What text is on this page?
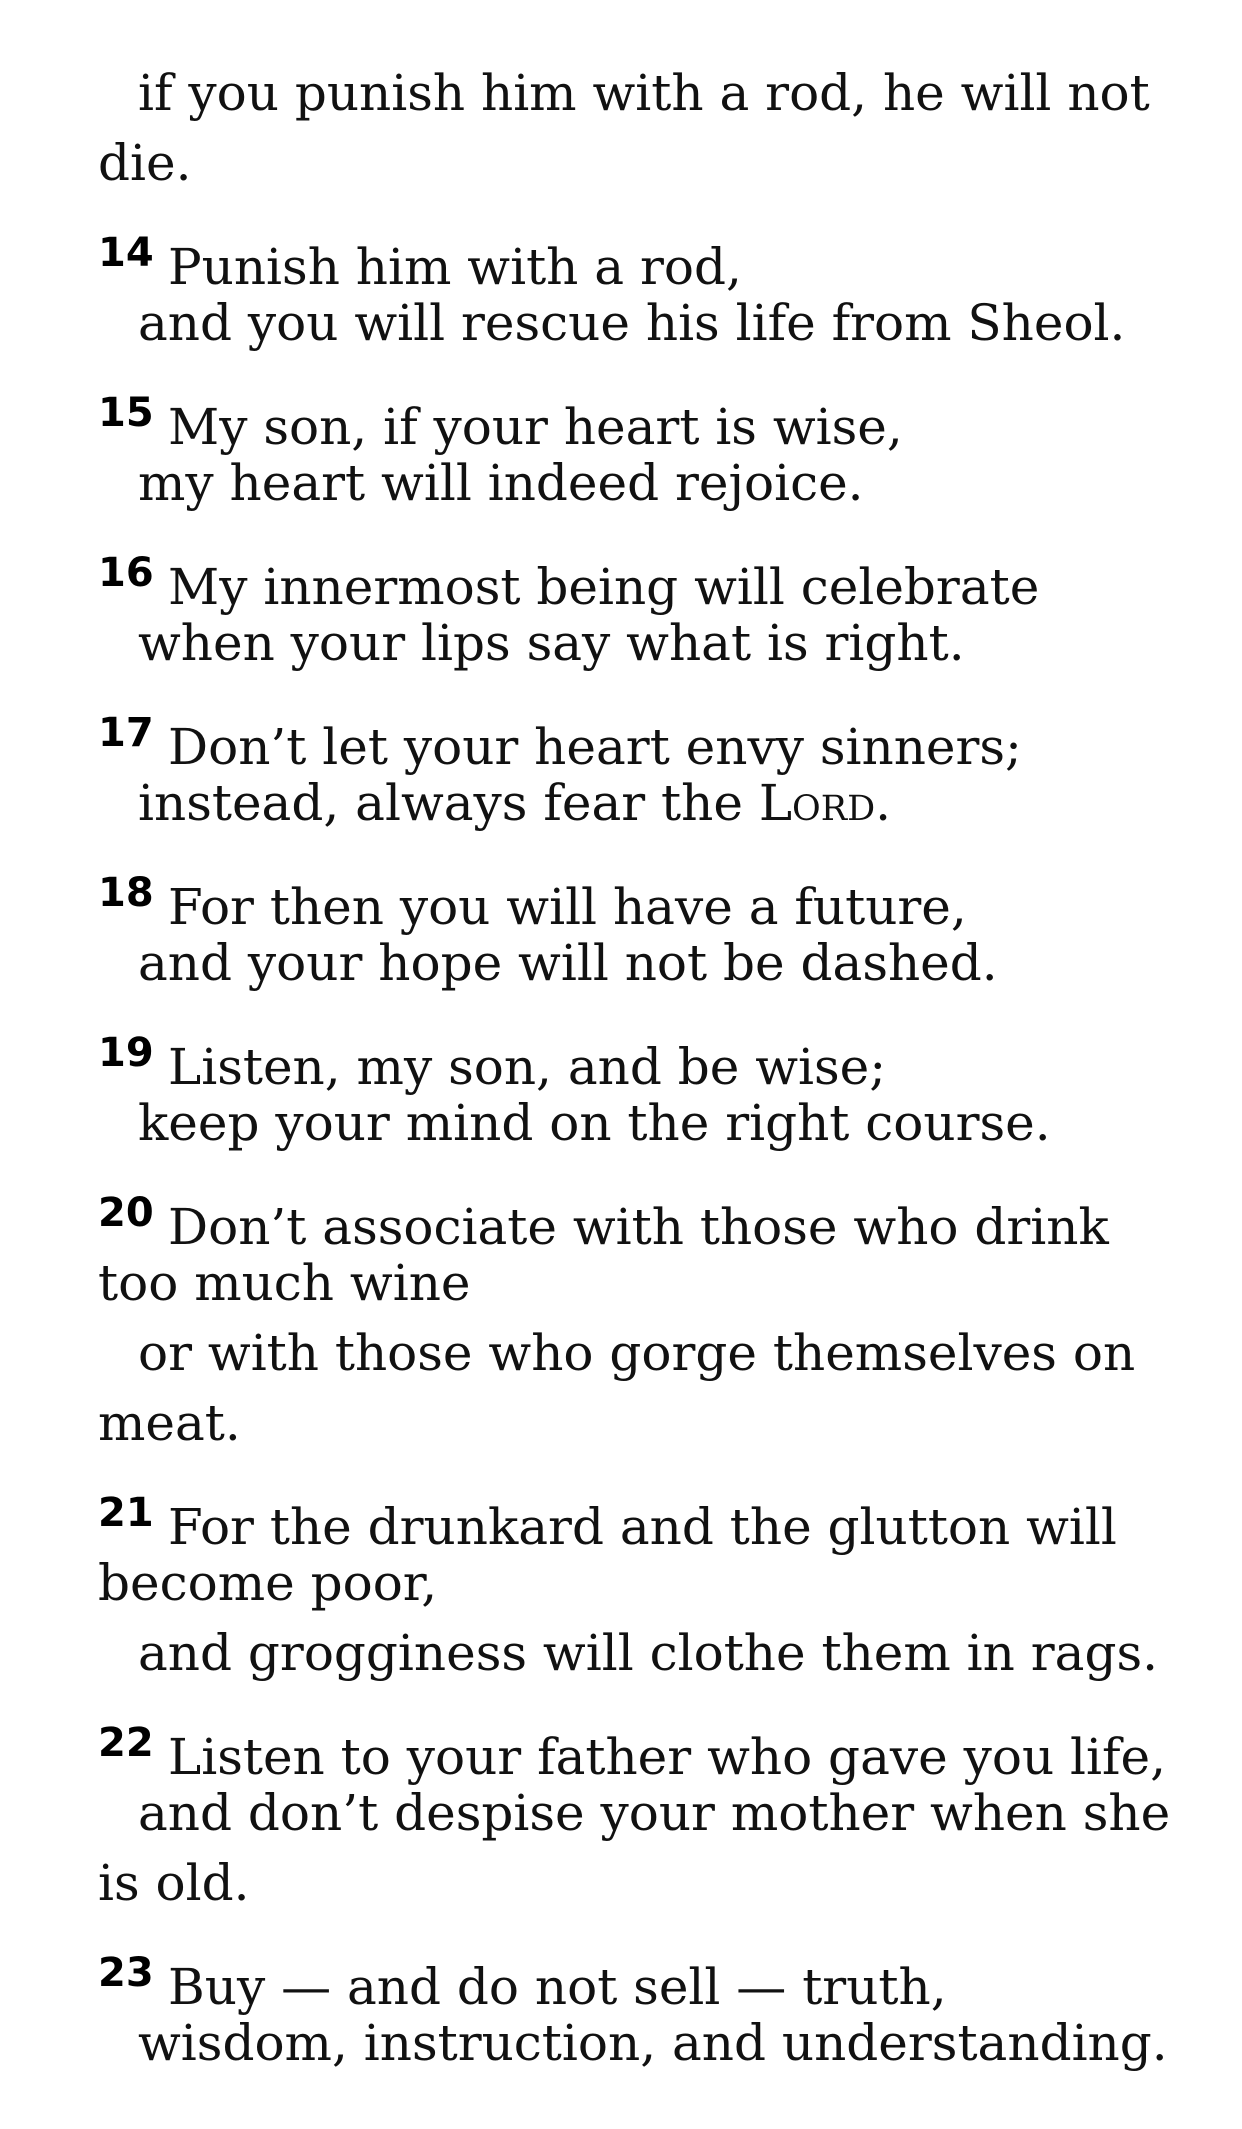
if you punish him with a rod, he will not
die.
14 Punish him with a rod,
and you will rescue his life from Sheol.
15 My son, if your heart is wise,
my heart will indeed rejoice.
16 My innermost being will celebrate
when your lips say what is right.
17 Don’t let your heart envy sinners;
instead, always fear the Lord.
18 For then you will have a future,
and your hope will not be dashed.
19 Listen, my son, and be wise;
keep your mind on the right course.
20 Don’t associate with those who drink
too much wine
or with those who gorge themselves on
meat.
21 For the drunkard and the glutton will
become poor,
and grogginess will clothe them in rags.
22 Listen to your father who gave you life,
and don’t despise your mother when she
is old.
23 Buy — and do not sell — truth,
wisdom, instruction, and understanding.
